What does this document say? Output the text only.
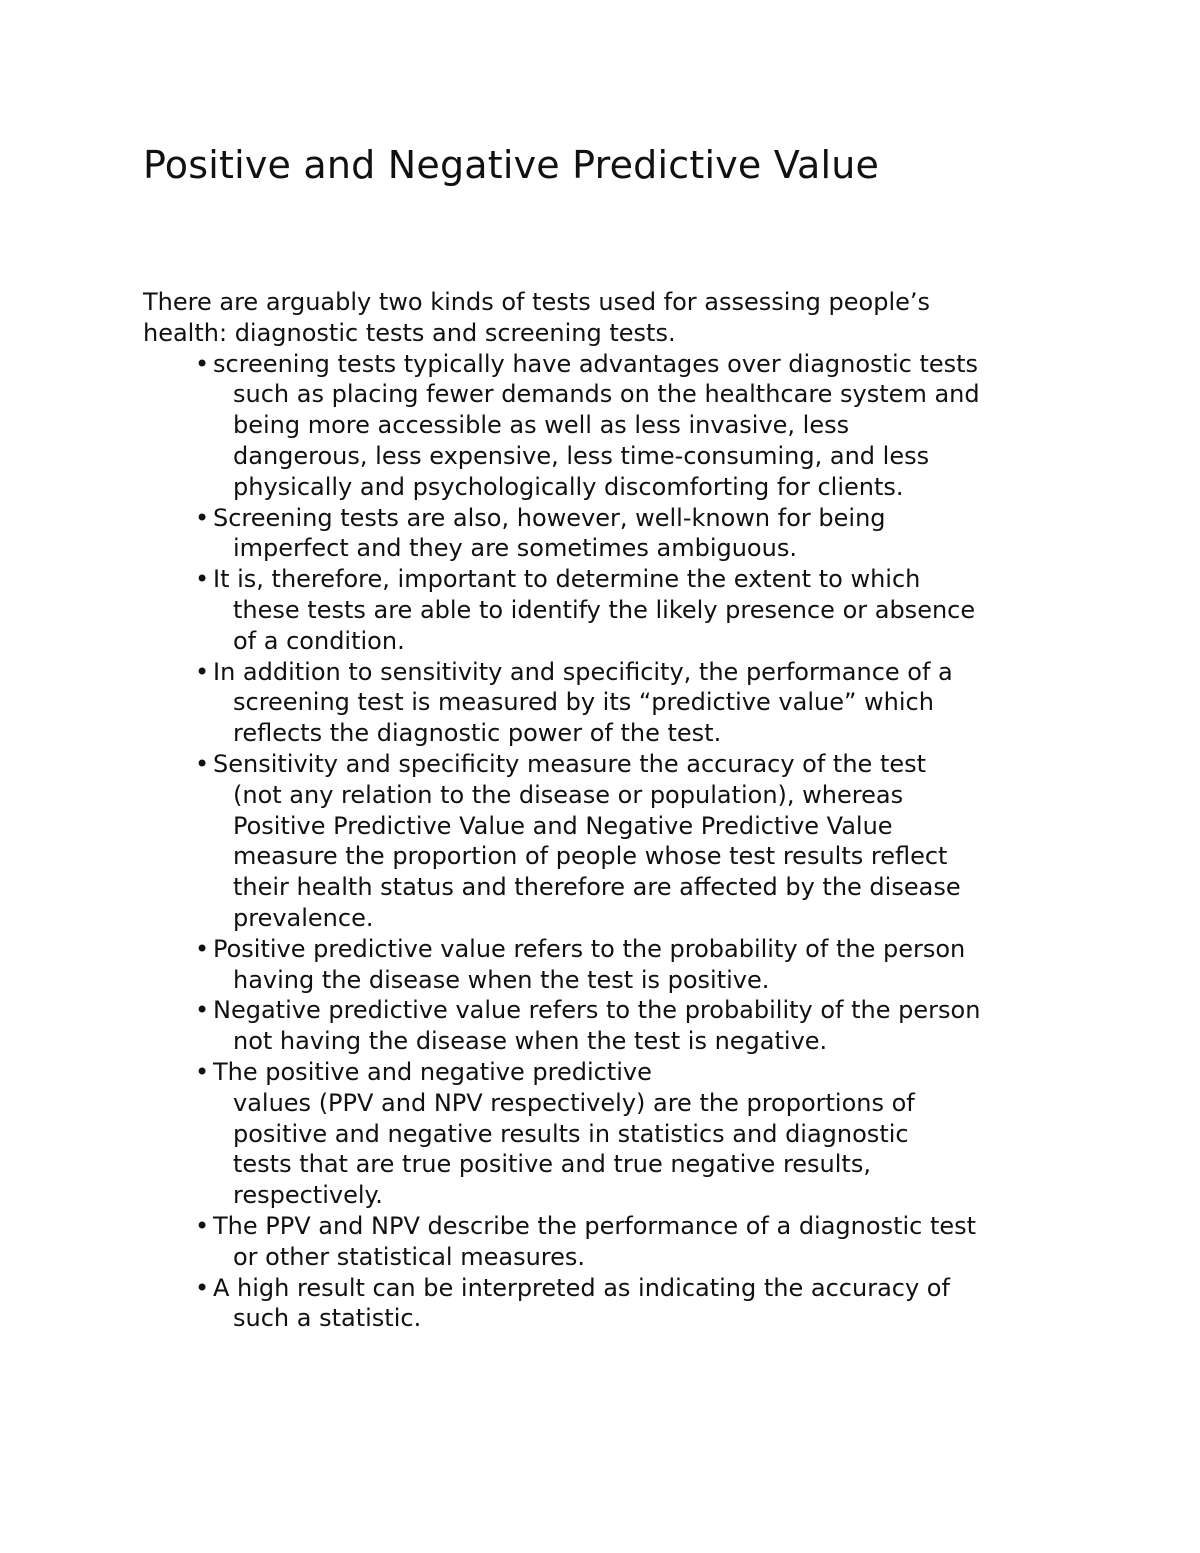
Positive and Negative Predictive Value

There are arguably two kinds of tests used for assessing people’s
health: diagnostic tests and screening tests.

• screening tests typically have advantages over diagnostic tests
such as placing fewer demands on the healthcare system and
being more accessible as well as less invasive, less
dangerous, less expensive, less time-consuming, and less
physically and psychologically discomforting for clients.
• Screening tests are also, however, well-known for being
imperfect and they are sometimes ambiguous.
• It is, therefore, important to determine the extent to which
these tests are able to identify the likely presence or absence
of a condition.
• In addition to sensitivity and specificity, the performance of a
screening test is measured by its “predictive value” which
reflects the diagnostic power of the test.
• Sensitivity and specificity measure the accuracy of the test
(not any relation to the disease or population), whereas
Positive Predictive Value and Negative Predictive Value
measure the proportion of people whose test results reflect
their health status and therefore are affected by the disease
prevalence.
• Positive predictive value refers to the probability of the person
having the disease when the test is positive.
• Negative predictive value refers to the probability of the person
not having the disease when the test is negative.
• The positive and negative predictive
values (PPV and NPV respectively) are the proportions of
positive and negative results in statistics and diagnostic
tests that are true positive and true negative results,
respectively.
• The PPV and NPV describe the performance of a diagnostic test
or other statistical measures.
• A high result can be interpreted as indicating the accuracy of
such a statistic.
